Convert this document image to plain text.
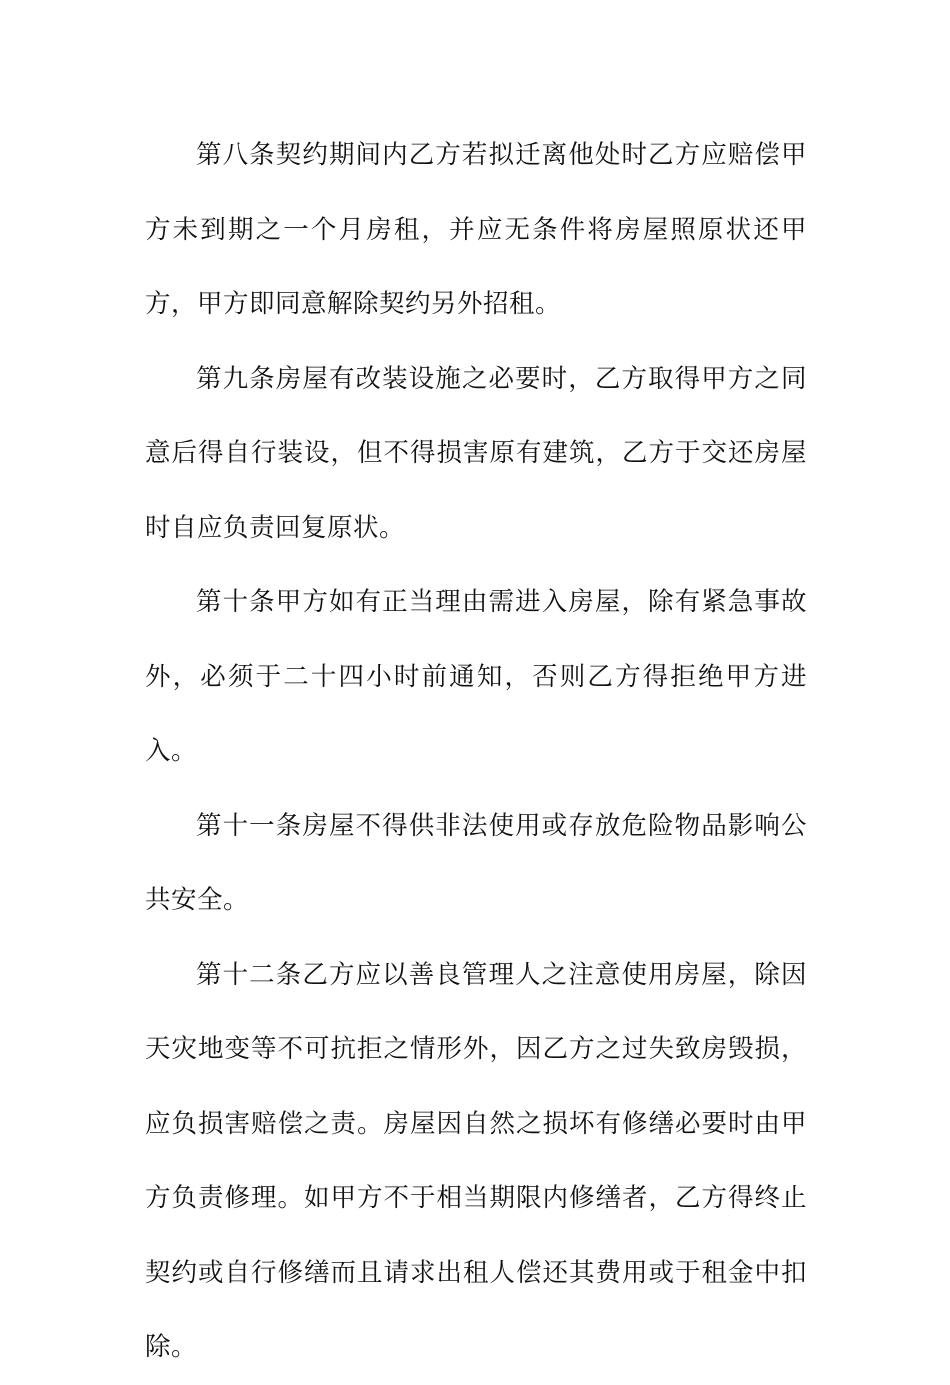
第八条契约期间内乙方若拟迁离他处时乙方应赔偿甲方未到期之一个月房租，并应无条件将房屋照原状还甲方，甲方即同意解除契约另外招租。

第九条房屋有改装设施之必要时，乙方取得甲方之同意后得自行装设，但不得损害原有建筑，乙方于交还房屋时自应负责回复原状。

第十条甲方如有正当理由需进入房屋，除有紧急事故外，必须于二十四小时前通知，否则乙方得拒绝甲方进入。

第十一条房屋不得供非法使用或存放危险物品影响公共安全。

第十二条乙方应以善良管理人之注意使用房屋，除因天灾地变等不可抗拒之情形外，因乙方之过失致房毁损，应负损害赔偿之责。房屋因自然之损坏有修缮必要时由甲方负责修理。如甲方不于相当期限内修缮者，乙方得终止契约或自行修缮而且请求出租人偿还其费用或于租金中扣除。
